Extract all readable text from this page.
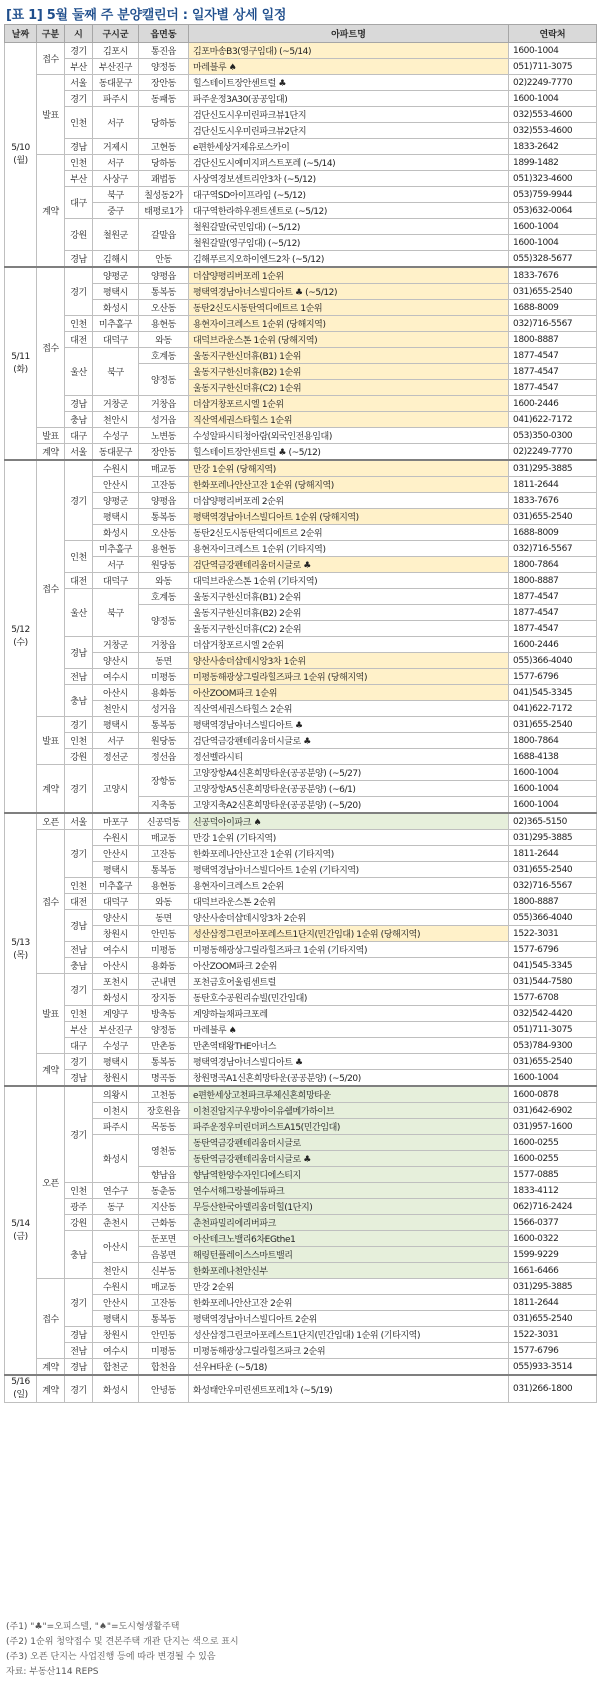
[표 1] 5월 둘째 주 분양캘린더 : 일자별 상세 일정
날짜	구분	시	구시군	읍면동	아파트명	연락처
5/10
(월)	접수	경기	김포시	통진읍	김포마송B3(영구임대) (~5/14)	1600-1004
		부산	부산진구	양정동	마레블루 ♠	051)711-3075
	발표	서울	동대문구	장안동	힐스테이트장안센트럴 ♣	02)2249-7770
		경기	파주시	동패동	파주운정3A30(공공임대)	1600-1004
		인천	서구	당하동	검단신도시우미린파크뷰1단지	032)553-4600
					검단신도시우미린파크뷰2단지	032)553-4600
		경남	거제시	고현동	e편한세상거제유로스카이	1833-2642
	계약	인천	서구	당하동	검단신도시예미지퍼스트포레 (~5/14)	1899-1482
		부산	사상구	괘법동	사상역경보센트리안3차 (~5/12)	051)323-4600
		대구	북구	칠성동2가	대구역SD아이프라임 (~5/12)	053)759-9944
			중구	태평로1가	대구역한라하우젠트센트로 (~5/12)	053)632-0064
		강원	철원군	갈말읍	철원갈말(국민임대) (~5/12)	1600-1004
					철원갈말(영구임대) (~5/12)	1600-1004
		경남	김해시	안동	김해푸르지오하이엔드2차 (~5/12)	055)328-5677
5/11
(화)	접수	경기	양평군	양평읍	더샵양평리버포레 1순위	1833-7676
			평택시	통복동	평택역경남아너스빌디아트 ♣ (~5/12)	031)655-2540
			화성시	오산동	동탄2신도시동탄역디에트르 1순위	1688-8009
		인천	미추홀구	용현동	용현자이크레스트 1순위 (당해지역)	032)716-5567
		대전	대덕구	와동	대덕브라운스톤 1순위 (당해지역)	1800-8887
		울산	북구	호계동	울동지구한신더휴(B1) 1순위	1877-4547
				양정동	울동지구한신더휴(B2) 1순위	1877-4547
					울동지구한신더휴(C2) 1순위	1877-4547
		경남	거창군	거창읍	더샵거창포르시엘 1순위	1600-2446
		충남	천안시	성거읍	직산역세권스타힐스 1순위	041)622-7172
	발표	대구	수성구	노변동	수성알파시티청아람(외국인전용임대)	053)350-0300
	계약	서울	동대문구	장안동	힐스테이트장안센트럴 ♣ (~5/12)	02)2249-7770
5/12
(수)	접수	경기	수원시	매교동	만강 1순위 (당해지역)	031)295-3885
			안산시	고잔동	한화포레나안산고잔 1순위 (당해지역)	1811-2644
			양평군	양평읍	더샵양평리버포레 2순위	1833-7676
			평택시	통복동	평택역경남아너스빌디아트 1순위 (당해지역)	031)655-2540
			화성시	오산동	동탄2신도시동탄역디에트르 2순위	1688-8009
		인천	미추홀구	용현동	용현자이크레스트 1순위 (기타지역)	032)716-5567
			서구	원당동	검단역금강펜테리움더시글로 ♣	1800-7864
		대전	대덕구	와동	대덕브라운스톤 1순위 (기타지역)	1800-8887
		울산	북구	호계동	울동지구한신더휴(B1) 2순위	1877-4547
				양정동	울동지구한신더휴(B2) 2순위	1877-4547
					울동지구한신더휴(C2) 2순위	1877-4547
		경남	거창군	거창읍	더샵거창포르시엘 2순위	1600-2446
			양산시	동면	양산사송더샵데시앙3차 1순위	055)366-4040
		전남	여수시	미평동	미평동해광상그릴라힐즈파크 1순위 (당해지역)	1577-6796
		충남	아산시	용화동	아산ZOOM파크 1순위	041)545-3345
			천안시	성거읍	직산역세권스타힐스 2순위	041)622-7172
	발표	경기	평택시	통복동	평택역경남아너스빌디아트 ♣	031)655-2540
		인천	서구	원당동	검단역금강펜테리움더시글로 ♣	1800-7864
		강원	정선군	정선읍	정선벨라시티	1688-4138
	계약	경기	고양시	장항동	고양장항A4신혼희망타운(공공분양) (~5/27)	1600-1004
					고양장항A5신혼희망타운(공공분양) (~6/1)	1600-1004
				지축동	고양지축A2신혼희망타운(공공분양) (~5/20)	1600-1004
5/13
(목)	오픈	서울	마포구	신공덕동	신공덕아이파크 ♠	02)365-5150
	접수	경기	수원시	매교동	만강 1순위 (기타지역)	031)295-3885
			안산시	고잔동	한화포레나안산고잔 1순위 (기타지역)	1811-2644
			평택시	통복동	평택역경남아너스빌디아트 1순위 (기타지역)	031)655-2540
		인천	미추홀구	용현동	용현자이크레스트 2순위	032)716-5567
		대전	대덕구	와동	대덕브라운스톤 2순위	1800-8887
		경남	양산시	동면	양산사송더샵데시앙3차 2순위	055)366-4040
			창원시	안민동	성산삼정그린코아포레스트1단지(민간임대) 1순위 (당해지역)	1522-3031
		전남	여수시	미평동	미평동해광상그릴라힐즈파크 1순위 (기타지역)	1577-6796
		충남	아산시	용화동	아산ZOOM파크 2순위	041)545-3345
	발표	경기	포천시	군내면	포천금호어울림센트럴	031)544-7580
			화성시	장지동	동탄호수공원리슈빌(민간임대)	1577-6708
		인천	계양구	방축동	계양하늘채파크포레	032)542-4420
		부산	부산진구	양정동	마레블루 ♠	051)711-3075
		대구	수성구	만촌동	만촌역태왕THE아너스	053)784-9300
	계약	경기	평택시	통복동	평택역경남아너스빌디아트 ♣	031)655-2540
		경남	창원시	명곡동	창원명곡A1신혼희망타운(공공분양) (~5/20)	1600-1004
5/14
(금)	오픈	경기	의왕시	고천동	e편한세상고천파크루체신혼희망타운	1600-0878
			이천시	장호원읍	이천진암지구우방아이유쉘메가하이브	031)642-6902
			파주시	목동동	파주운정우미린더퍼스트A15(민간임대)	031)957-1600
			화성시	영천동	동탄역금강펜테리움더시글로	1600-0255
					동탄역금강펜테리움더시글로 ♣	1600-0255
				향남읍	향남역한양수자인디에스티지	1577-0885
		인천	연수구	동춘동	연수서해그랑블에듀파크	1833-4112
		광주	동구	지산동	무등산한국아델리움더힐(1단지)	062)716-2424
		강원	춘천시	근화동	춘천파밀리에리버파크	1566-0377
		충남	아산시	둔포면	아산테크노밸리6차EGthe1	1600-0322
				음봉면	해링턴플레이스스마트밸리	1599-9229
			천안시	신부동	한화포레나천안신부	1661-6466
	접수	경기	수원시	매교동	만강 2순위	031)295-3885
			안산시	고잔동	한화포레나안산고잔 2순위	1811-2644
			평택시	통복동	평택역경남아너스빌디아트 2순위	031)655-2540
		경남	창원시	안민동	성산삼정그린코아포레스트1단지(민간임대) 1순위 (기타지역)	1522-3031
		전남	여수시	미평동	미평동해광상그릴라힐즈파크 2순위	1577-6796
	계약	경남	합천군	합천읍	선우H타운 (~5/18)	055)933-3514
5/16
(일)	계약	경기	화성시	안녕동	화성태안우미린센트포레1차 (~5/19)	031)266-1800
(주1) "♣"=오피스텔, "♠"=도시형생활주택
(주2) 1순위 청약접수 및 견본주택 개관 단지는 색으로 표시
(주3) 오픈 단지는 사업진행 등에 따라 변경될 수 있음
자료: 부동산114 REPS
